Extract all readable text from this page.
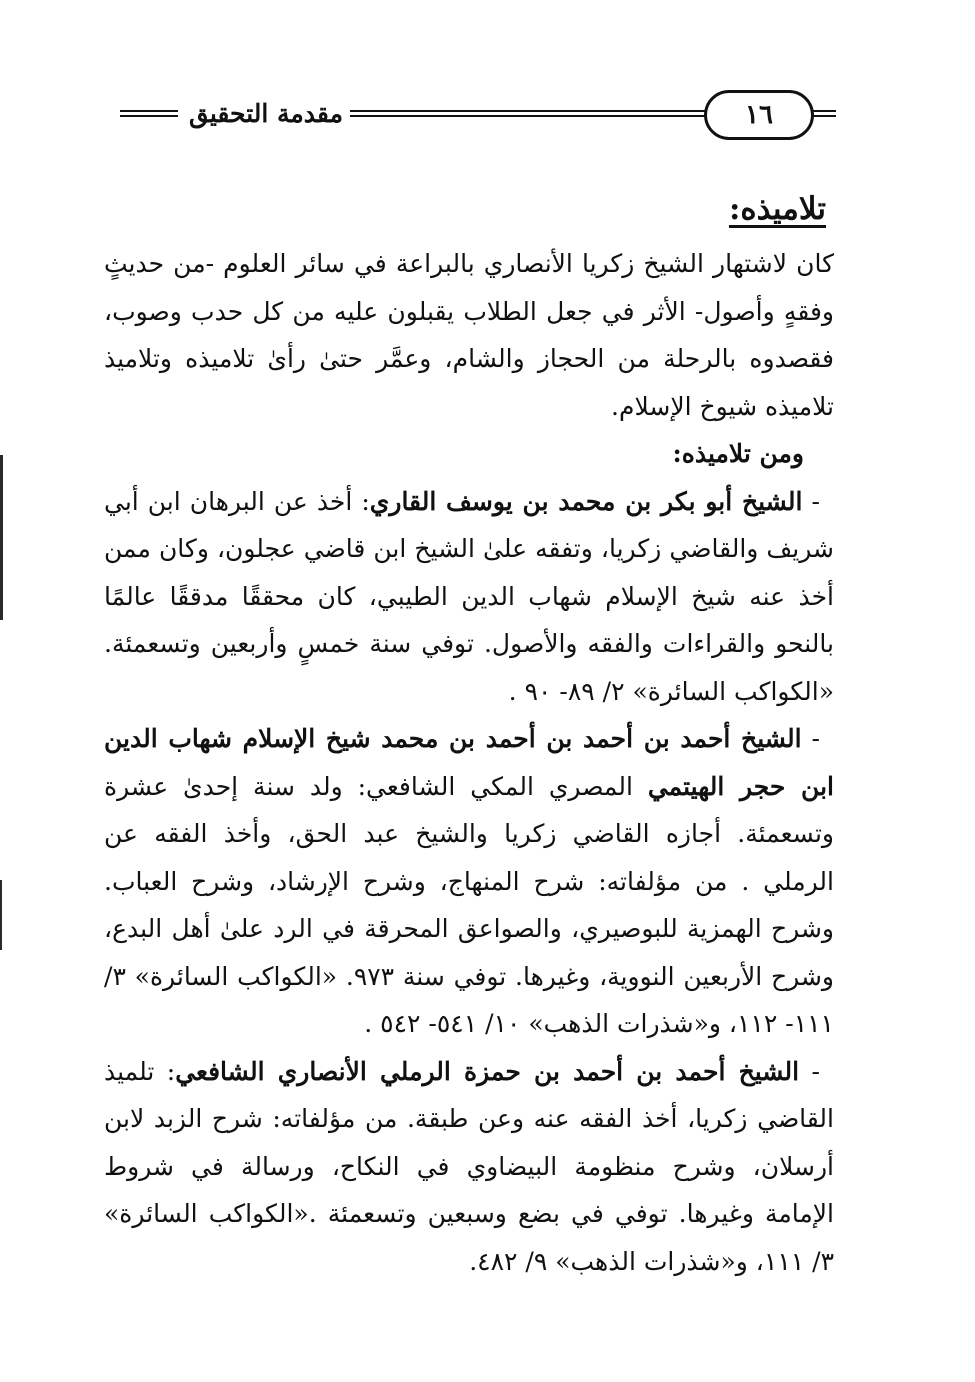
مقدمة التحقيق	١٦
تلاميذه:

كان لاشتهار الشيخ زكريا الأنصاري بالبراعة في سائر العلوم -من حديثٍ وفقهٍ وأصول- الأثر في جعل الطلاب يقبلون عليه من كل حدب وصوب، فقصدوه بالرحلة من الحجاز والشام، وعمَّر حتىٰ رأىٰ تلاميذه وتلاميذ تلاميذه شيوخ الإسلام.

ومن تلاميذه:

- الشيخ أبو بكر بن محمد بن يوسف القاري: أخذ عن البرهان ابن أبي شريف والقاضي زكريا، وتفقه علىٰ الشيخ ابن قاضي عجلون، وكان ممن أخذ عنه شيخ الإسلام شهاب الدين الطيبي، كان محققًا مدققًا عالمًا بالنحو والقراءات والفقه والأصول. توفي سنة خمسٍ وأربعين وتسعمئة. «الكواكب السائرة» ٢/ ٨٩- ٩٠ .

- الشيخ أحمد بن أحمد بن أحمد بن محمد شيخ الإسلام شهاب الدين ابن حجر الهيتمي المصري المكي الشافعي: ولد سنة إحدىٰ عشرة وتسعمئة. أجازه القاضي زكريا والشيخ عبد الحق، وأخذ الفقه عن الرملي . من مؤلفاته: شرح المنهاج، وشرح الإرشاد، وشرح العباب. وشرح الهمزية للبوصيري، والصواعق المحرقة في الرد علىٰ أهل البدع، وشرح الأربعين النووية، وغيرها. توفي سنة ٩٧٣. «الكواكب السائرة» ٣/ ١١١- ١١٢، و«شذرات الذهب» ١٠/ ٥٤١- ٥٤٢ .

- الشيخ أحمد بن أحمد بن حمزة الرملي الأنصاري الشافعي: تلميذ القاضي زكريا، أخذ الفقه عنه وعن طبقة. من مؤلفاته: شرح الزبد لابن أرسلان، وشرح منظومة البيضاوي في النكاح، ورسالة في شروط الإمامة وغيرها. توفي في بضع وسبعين وتسعمئة .«الكواكب السائرة» ٣/ ١١١، و«شذرات الذهب» ٩/ ٤٨٢.
